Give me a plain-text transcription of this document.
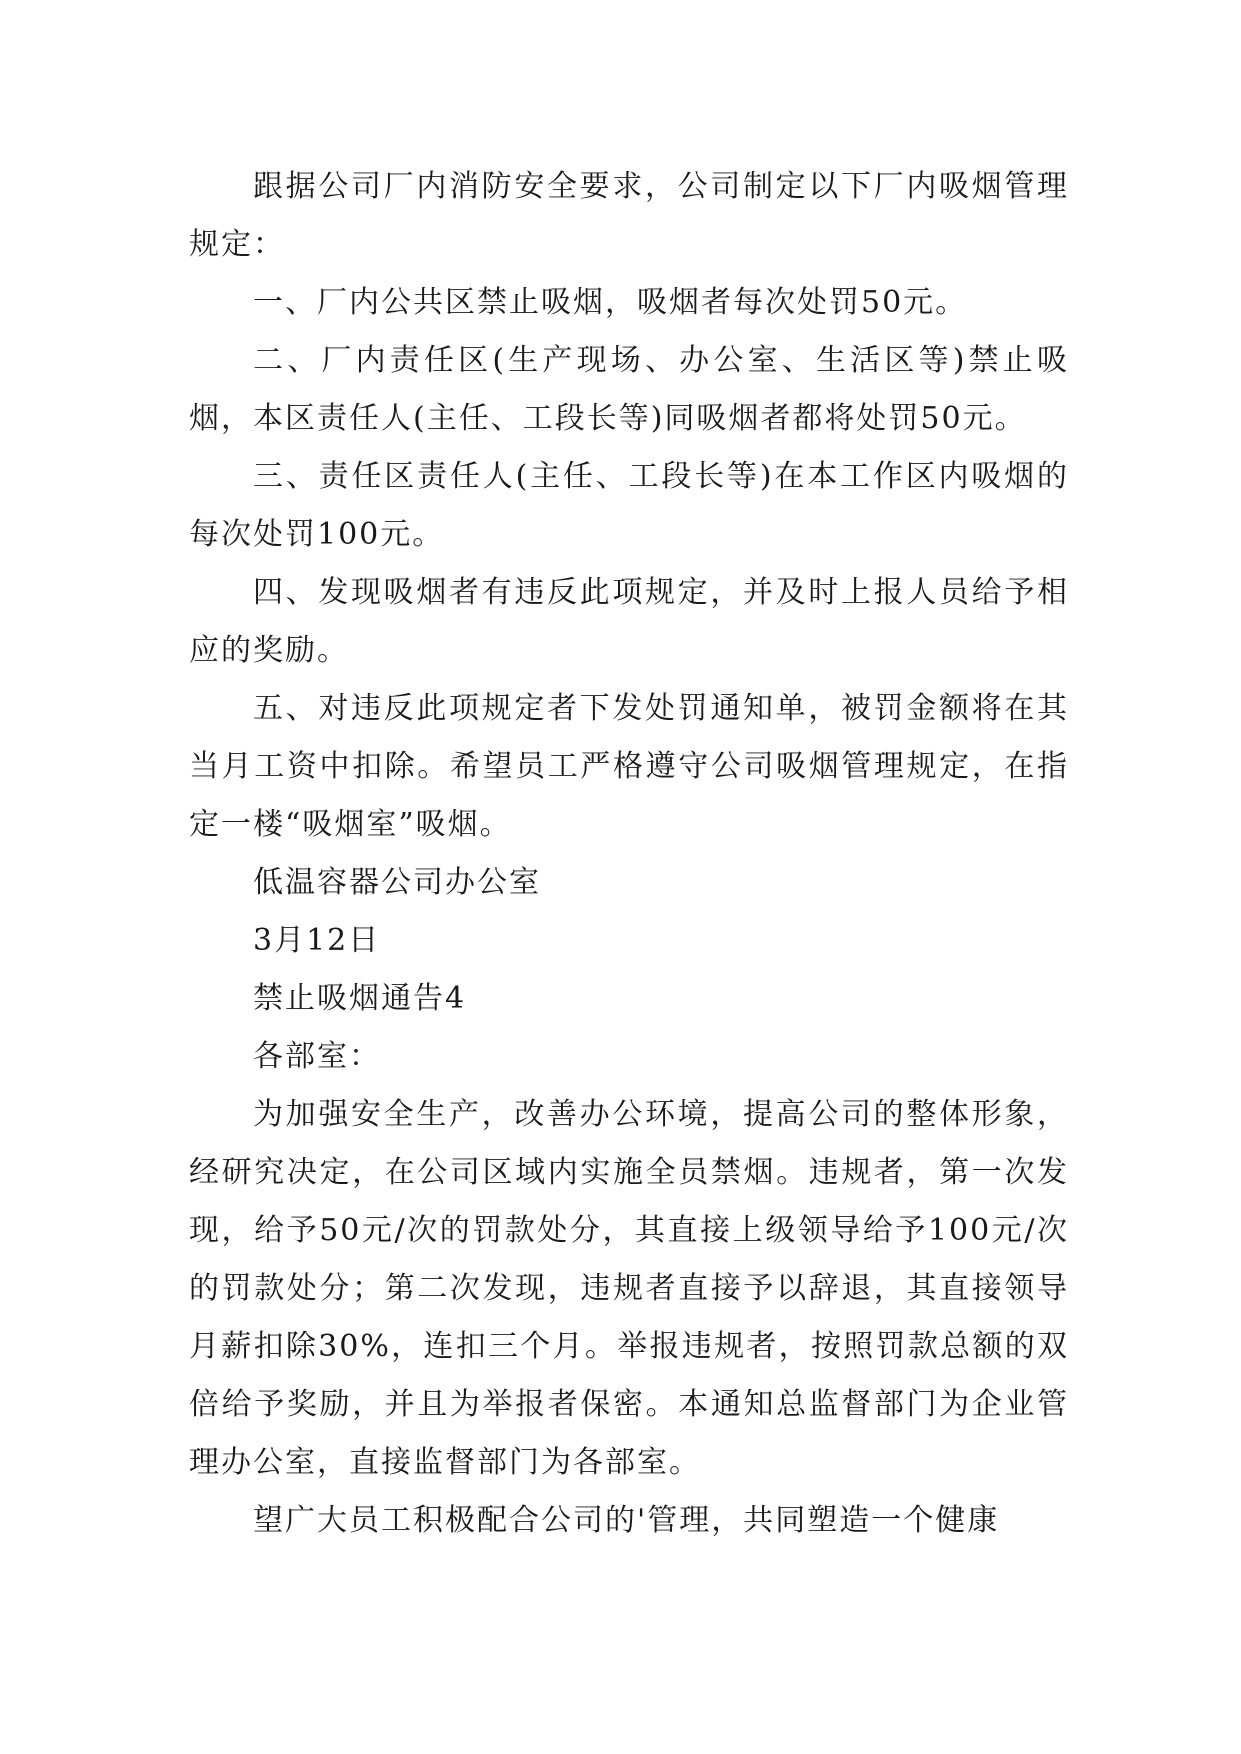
跟据公司厂内消防安全要求，公司制定以下厂内吸烟管理规定：

一、厂内公共区禁止吸烟，吸烟者每次处罚50元。

二、厂内责任区(生产现场、办公室、生活区等)禁止吸烟，本区责任人(主任、工段长等)同吸烟者都将处罚50元。

三、责任区责任人(主任、工段长等)在本工作区内吸烟的每次处罚100元。

四、发现吸烟者有违反此项规定，并及时上报人员给予相应的奖励。

五、对违反此项规定者下发处罚通知单，被罚金额将在其当月工资中扣除。希望员工严格遵守公司吸烟管理规定，在指定一楼“吸烟室”吸烟。

低温容器公司办公室

3月12日

禁止吸烟通告4

各部室：

为加强安全生产，改善办公环境，提高公司的整体形象，经研究决定，在公司区域内实施全员禁烟。违规者，第一次发现，给予50元/次的罚款处分，其直接上级领导给予100元/次的罚款处分；第二次发现，违规者直接予以辞退，其直接领导月薪扣除30%，连扣三个月。举报违规者，按照罚款总额的双倍给予奖励，并且为举报者保密。本通知总监督部门为企业管理办公室，直接监督部门为各部室。

望广大员工积极配合公司的'管理，共同塑造一个健康
